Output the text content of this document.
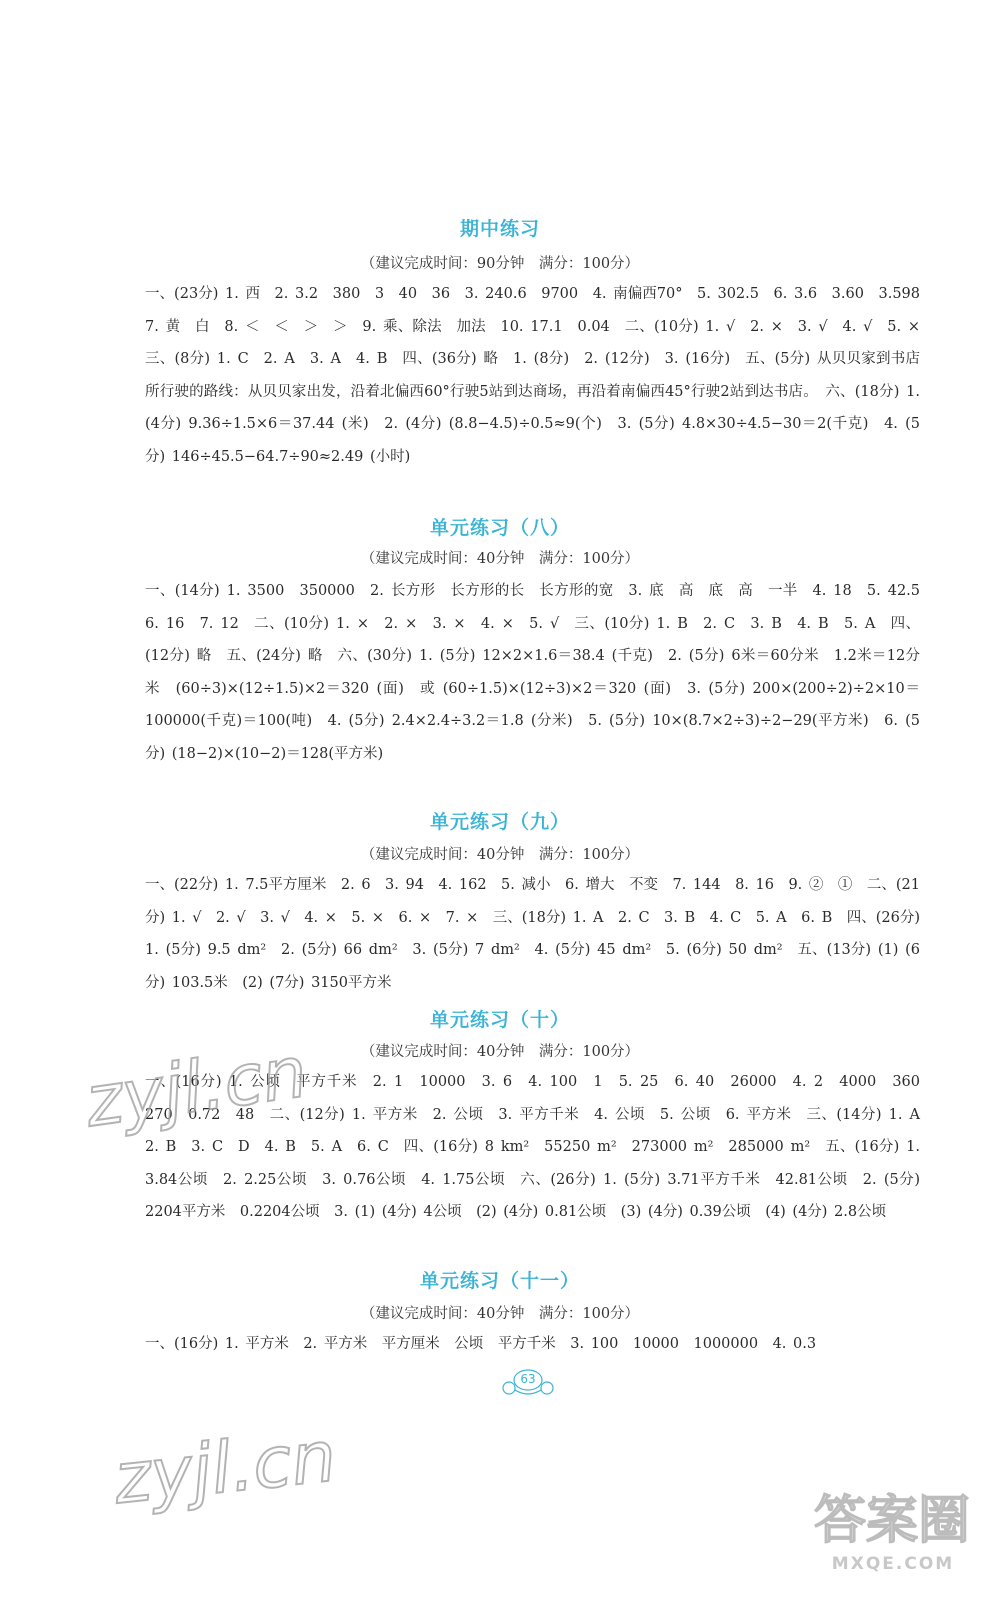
期中练习
（建议完成时间：90分钟　满分：100分）
一、(23分) 1. 西　2. 3.2　380　3　40　36　3. 240.6　9700　4. 南偏西70°　5. 302.5　6. 3.6　3.60　3.598　7. 黄　白　8. ＜　＜　＞　＞　9. 乘、除法　加法　10. 17.1　0.04　二、(10分) 1. √　2. ×　3. √　4. √　5. ×　三、(8分) 1. C　2. A　3. A　4. B　四、(36分) 略　1. (8分)　2. (12分)　3. (16分)　五、(5分) 从贝贝家到书店所行驶的路线：从贝贝家出发，沿着北偏西60°行驶5站到达商场，再沿着南偏西45°行驶2站到达书店。　六、(18分) 1. (4分) 9.36÷1.5×6＝37.44 (米)　2. (4分) (8.8−4.5)÷0.5≈9(个)　3. (5分) 4.8×30÷4.5−30＝2(千克)　4. (5分) 146÷45.5−64.7÷90≈2.49 (小时)
单元练习（八）
（建议完成时间：40分钟　满分：100分）
一、(14分) 1. 3500　350000　2. 长方形　长方形的长　长方形的宽　3. 底　高　底　高　一半　4. 18　5. 42.5　6. 16　7. 12　二、(10分) 1. ×　2. ×　3. ×　4. ×　5. √　三、(10分) 1. B　2. C　3. B　4. B　5. A　四、(12分) 略　五、(24分) 略　六、(30分) 1. (5分) 12×2×1.6＝38.4 (千克)　2. (5分) 6米＝60分米　1.2米＝12分米　(60÷3)×(12÷1.5)×2＝320 (面)　或 (60÷1.5)×(12÷3)×2＝320 (面)　3. (5分) 200×(200÷2)÷2×10＝100000(千克)＝100(吨)　4. (5分) 2.4×2.4÷3.2＝1.8 (分米)　5. (5分) 10×(8.7×2÷3)÷2−29(平方米)　6. (5分) (18−2)×(10−2)＝128(平方米)
单元练习（九）
（建议完成时间：40分钟　满分：100分）
一、(22分) 1. 7.5平方厘米　2. 6　3. 94　4. 162　5. 减小　6. 增大　不变　7. 144　8. 16　9. ②　①　二、(21分) 1. √　2. √　3. √　4. ×　5. ×　6. ×　7. ×　三、(18分) 1. A　2. C　3. B　4. C　5. A　6. B　四、(26分) 1. (5分) 9.5 dm²　2. (5分) 66 dm²　3. (5分) 7 dm²　4. (5分) 45 dm²　5. (6分) 50 dm²　五、(13分) (1) (6分) 103.5米　(2) (7分) 3150平方米
单元练习（十）
（建议完成时间：40分钟　满分：100分）
一、(16分) 1. 公顷　平方千米　2. 1　10000　3. 6　4. 100　1　5. 25　6. 40　26000　4. 2　4000　360　270　0.72　48　二、(12分) 1. 平方米　2. 公顷　3. 平方千米　4. 公顷　5. 公顷　6. 平方米　三、(14分) 1. A　2. B　3. C　D　4. B　5. A　6. C　四、(16分) 8 km²　55250 m²　273000 m²　285000 m²　五、(16分) 1. 3.84公顷　2. 2.25公顷　3. 0.76公顷　4. 1.75公顷　六、(26分) 1. (5分) 3.71平方千米　42.81公顷　2. (5分) 2204平方米　0.2204公顷　3. (1) (4分) 4公顷　(2) (4分) 0.81公顷　(3) (4分) 0.39公顷　(4) (4分) 2.8公顷
单元练习（十一）
（建议完成时间：40分钟　满分：100分）
一、(16分) 1. 平方米　2. 平方米　平方厘米　公顷　平方千米　3. 100　10000　1000000　4. 0.3
63
zyjl.cn
zyjl.cn
答案圈
MXQE.COM
